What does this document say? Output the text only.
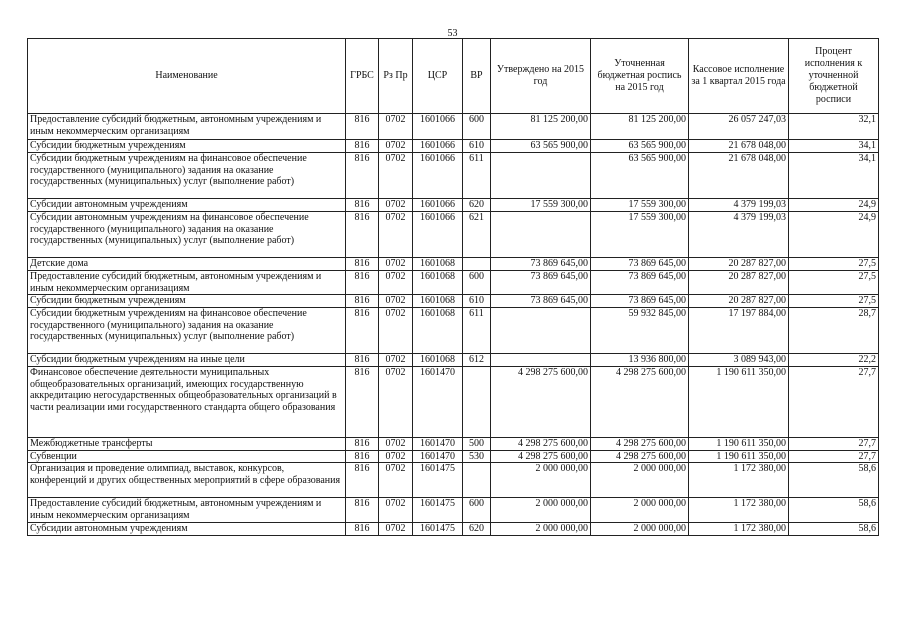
53
Наименование	ГРБС	Рз Пр	ЦСР	ВР	Утверждено на 2015 год	Уточненная бюджетная роспись на 2015 год	Кассовое исполнение за 1 квартал 2015 года	Процент исполнения к уточненной бюджетной росписи
Предоставление субсидий бюджетным, автономным учреждениям и иным некоммерческим организациям	816	0702	1601066	600	81 125 200,00	81 125 200,00	26 057 247,03	32,1
Субсидии бюджетным учреждениям	816	0702	1601066	610	63 565 900,00	63 565 900,00	21 678 048,00	34,1
Субсидии бюджетным учреждениям на финансовое обеспечение государственного (муниципального) задания на оказание государственных (муниципальных) услуг (выполнение работ)	816	0702	1601066	611		63 565 900,00	21 678 048,00	34,1
Субсидии автономным учреждениям	816	0702	1601066	620	17 559 300,00	17 559 300,00	4 379 199,03	24,9
Субсидии автономным учреждениям на финансовое обеспечение государственного (муниципального) задания на оказание государственных (муниципальных) услуг (выполнение работ)	816	0702	1601066	621		17 559 300,00	4 379 199,03	24,9
Детские дома	816	0702	1601068		73 869 645,00	73 869 645,00	20 287 827,00	27,5
Предоставление субсидий бюджетным, автономным учреждениям и иным некоммерческим организациям	816	0702	1601068	600	73 869 645,00	73 869 645,00	20 287 827,00	27,5
Субсидии бюджетным учреждениям	816	0702	1601068	610	73 869 645,00	73 869 645,00	20 287 827,00	27,5
Субсидии бюджетным учреждениям на финансовое обеспечение государственного (муниципального) задания на оказание государственных (муниципальных) услуг (выполнение работ)	816	0702	1601068	611		59 932 845,00	17 197 884,00	28,7
Субсидии бюджетным учреждениям на иные цели	816	0702	1601068	612		13 936 800,00	3 089 943,00	22,2
Финансовое обеспечение деятельности муниципальных общеобразовательных организаций, имеющих государственную аккредитацию негосударственных общеобразовательных организаций в части реализации ими государственного стандарта общего образования	816	0702	1601470		4 298 275 600,00	4 298 275 600,00	1 190 611 350,00	27,7
Межбюджетные трансферты	816	0702	1601470	500	4 298 275 600,00	4 298 275 600,00	1 190 611 350,00	27,7
Субвенции	816	0702	1601470	530	4 298 275 600,00	4 298 275 600,00	1 190 611 350,00	27,7
Организация и проведение олимпиад, выставок, конкурсов, конференций и других общественных мероприятий в сфере образования	816	0702	1601475		2 000 000,00	2 000 000,00	1 172 380,00	58,6
Предоставление субсидий бюджетным, автономным учреждениям и иным некоммерческим организациям	816	0702	1601475	600	2 000 000,00	2 000 000,00	1 172 380,00	58,6
Субсидии автономным учреждениям	816	0702	1601475	620	2 000 000,00	2 000 000,00	1 172 380,00	58,6
